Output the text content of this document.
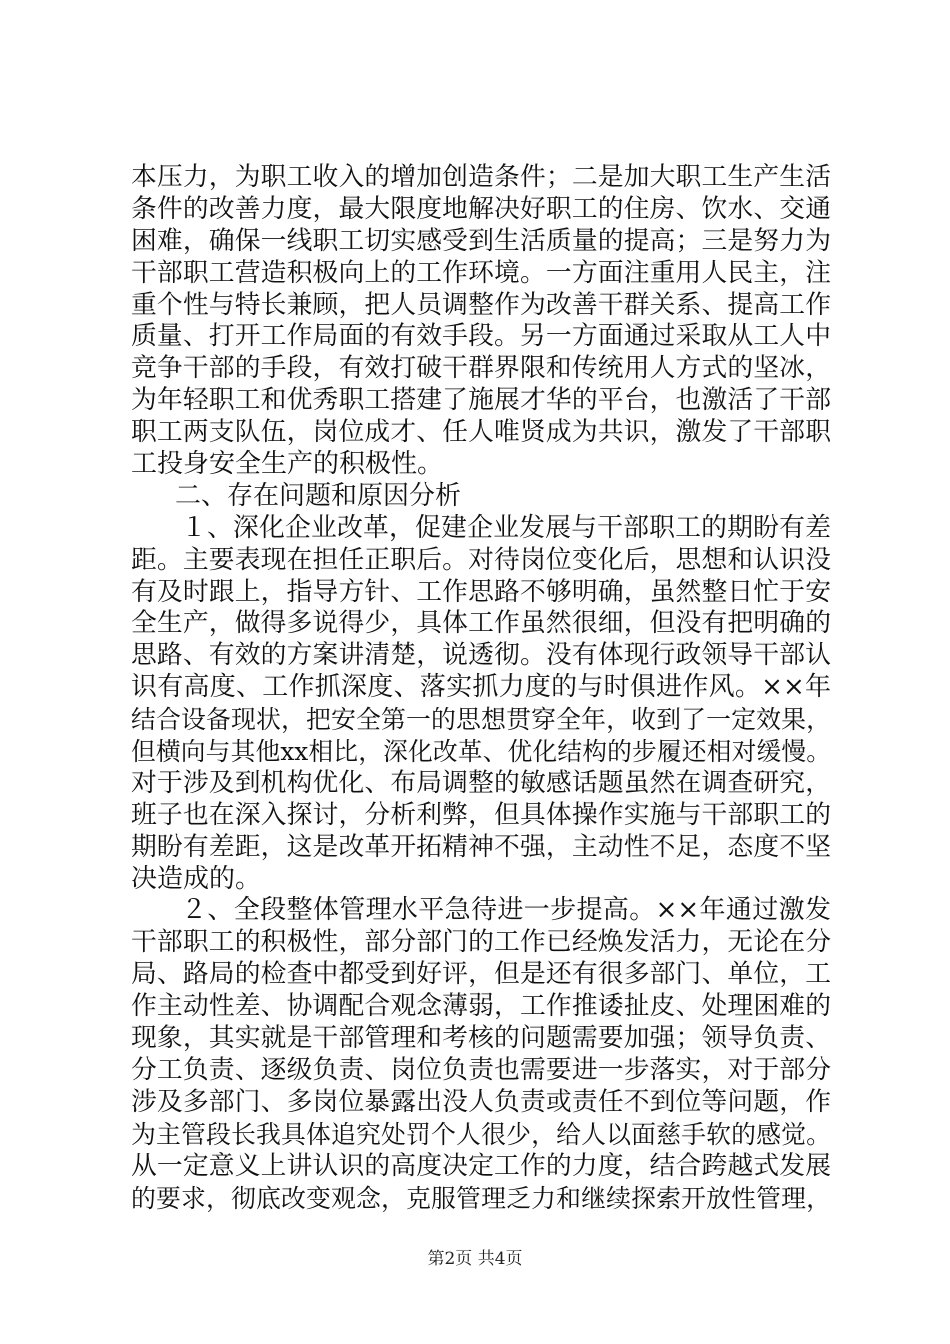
本压力，为职工收入的增加创造条件；二是加大职工生产生活
条件的改善力度，最大限度地解决好职工的住房、饮水、交通
困难，确保一线职工切实感受到生活质量的提高；三是努力为
干部职工营造积极向上的工作环境。一方面注重用人民主，注
重个性与特长兼顾，把人员调整作为改善干群关系、提高工作
质量、打开工作局面的有效手段。另一方面通过采取从工人中
竞争干部的手段，有效打破干群界限和传统用人方式的坚冰，
为年轻职工和优秀职工搭建了施展才华的平台，也激活了干部
职工两支队伍，岗位成才、任人唯贤成为共识，激发了干部职
工投身安全生产的积极性。
二、存在问题和原因分析
１、深化企业改革，促建企业发展与干部职工的期盼有差
距。主要表现在担任正职后。对待岗位变化后，思想和认识没
有及时跟上，指导方针、工作思路不够明确，虽然整日忙于安
全生产，做得多说得少，具体工作虽然很细，但没有把明确的
思路、有效的方案讲清楚，说透彻。没有体现行政领导干部认
识有高度、工作抓深度、落实抓力度的与时俱进作风。××年
结合设备现状，把安全第一的思想贯穿全年，收到了一定效果，
但横向与其他xx相比，深化改革、优化结构的步履还相对缓慢。
对于涉及到机构优化、布局调整的敏感话题虽然在调查研究，
班子也在深入探讨，分析利弊，但具体操作实施与干部职工的
期盼有差距，这是改革开拓精神不强，主动性不足，态度不坚
决造成的。
２、全段整体管理水平急待进一步提高。××年通过激发
干部职工的积极性，部分部门的工作已经焕发活力，无论在分
局、路局的检查中都受到好评，但是还有很多部门、单位，工
作主动性差、协调配合观念薄弱，工作推诿扯皮、处理困难的
现象，其实就是干部管理和考核的问题需要加强；领导负责、
分工负责、逐级负责、岗位负责也需要进一步落实，对于部分
涉及多部门、多岗位暴露出没人负责或责任不到位等问题，作
为主管段长我具体追究处罚个人很少，给人以面慈手软的感觉。
从一定意义上讲认识的高度决定工作的力度，结合跨越式发展
的要求，彻底改变观念，克服管理乏力和继续探索开放性管理，
第2页 共4页
